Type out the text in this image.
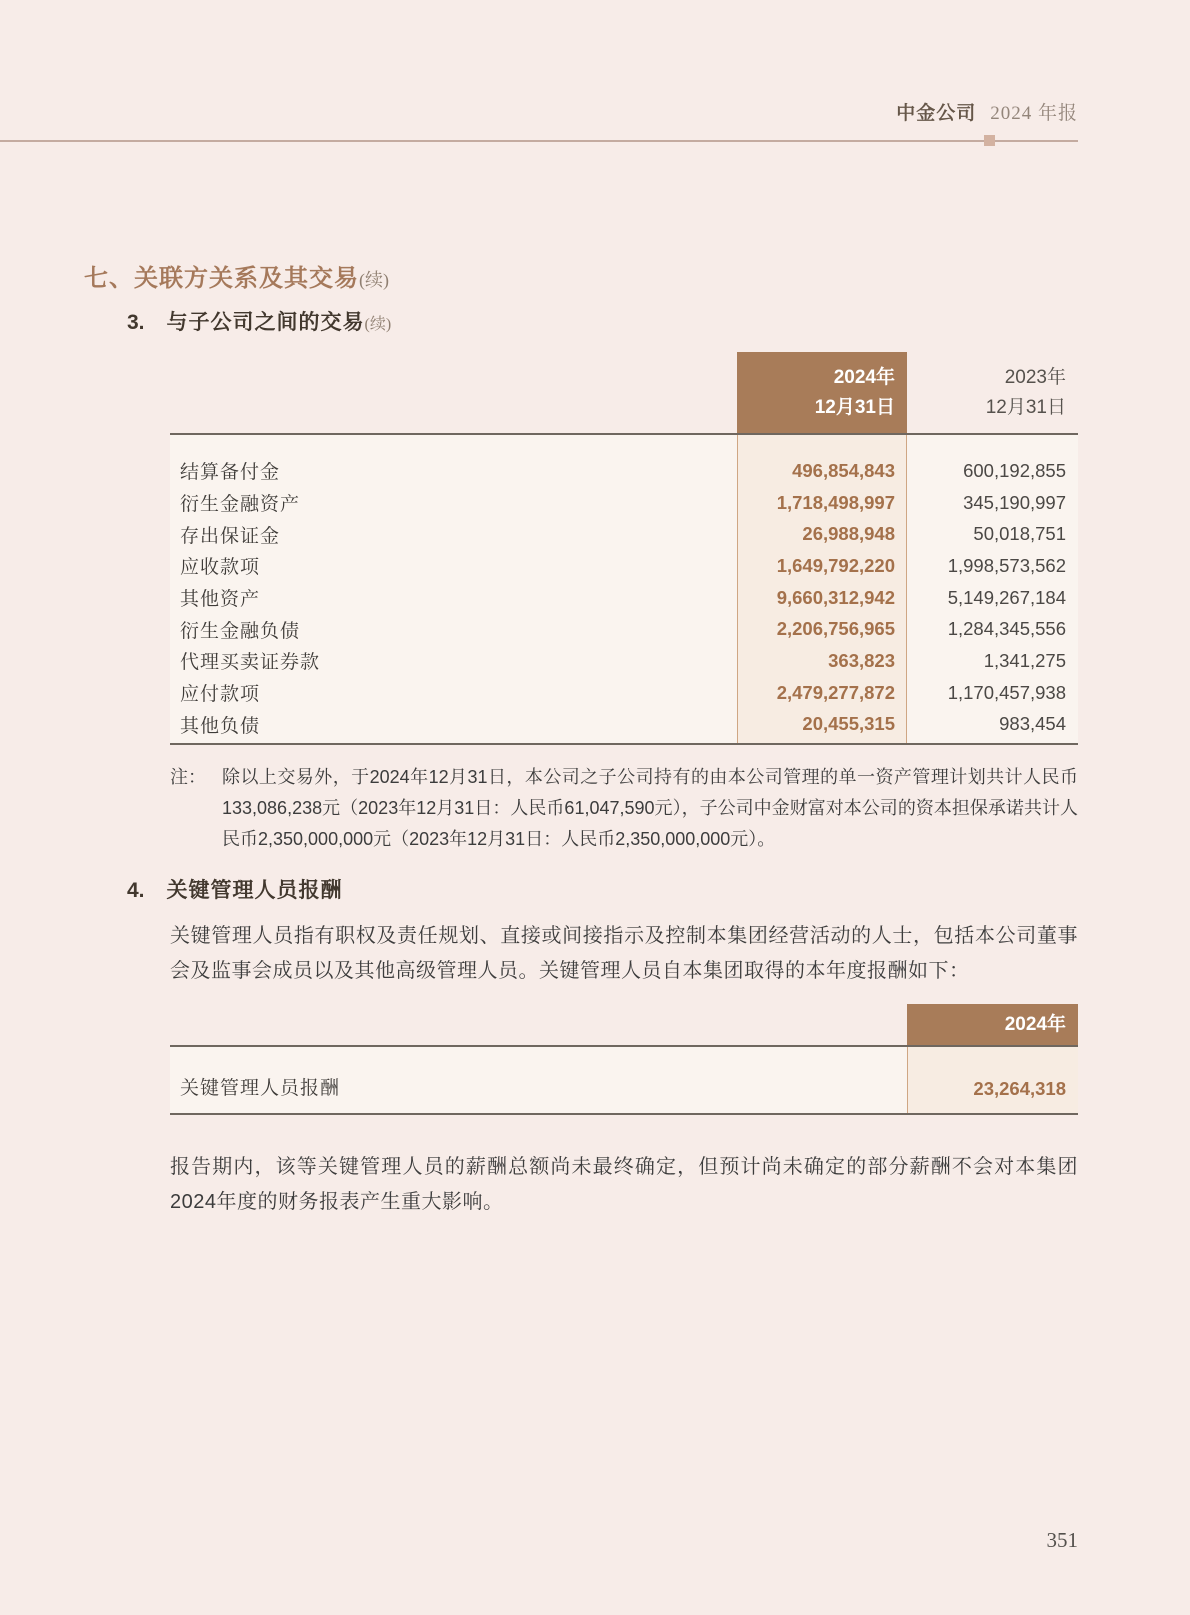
中金公司 2024 年报
七、关联方关系及其交易(续)
3. 与子公司之间的交易(续)
2024年
12月31日
2023年
12月31日
结算备付金	496,854,843	600,192,855
衍生金融资产	1,718,498,997	345,190,997
存出保证金	26,988,948	50,018,751
应收款项	1,649,792,220	1,998,573,562
其他资产	9,660,312,942	5,149,267,184
衍生金融负债	2,206,756,965	1,284,345,556
代理买卖证券款	363,823	1,341,275
应付款项	2,479,277,872	1,170,457,938
其他负债	20,455,315	983,454
注： 除以上交易外，于2024年12月31日，本公司之子公司持有的由本公司管理的单一资产管理计划共计人民币133,086,238元（2023年12月31日：人民币61,047,590元），子公司中金财富对本公司的资本担保承诺共计人民币2,350,000,000元（2023年12月31日：人民币2,350,000,000元）。
4. 关键管理人员报酬
关键管理人员指有职权及责任规划、直接或间接指示及控制本集团经营活动的人士，包括本公司董事会及监事会成员以及其他高级管理人员。关键管理人员自本集团取得的本年度报酬如下：
2024年
关键管理人员报酬	23,264,318
报告期内，该等关键管理人员的薪酬总额尚未最终确定，但预计尚未确定的部分薪酬不会对本集团2024年度的财务报表产生重大影响。
351
